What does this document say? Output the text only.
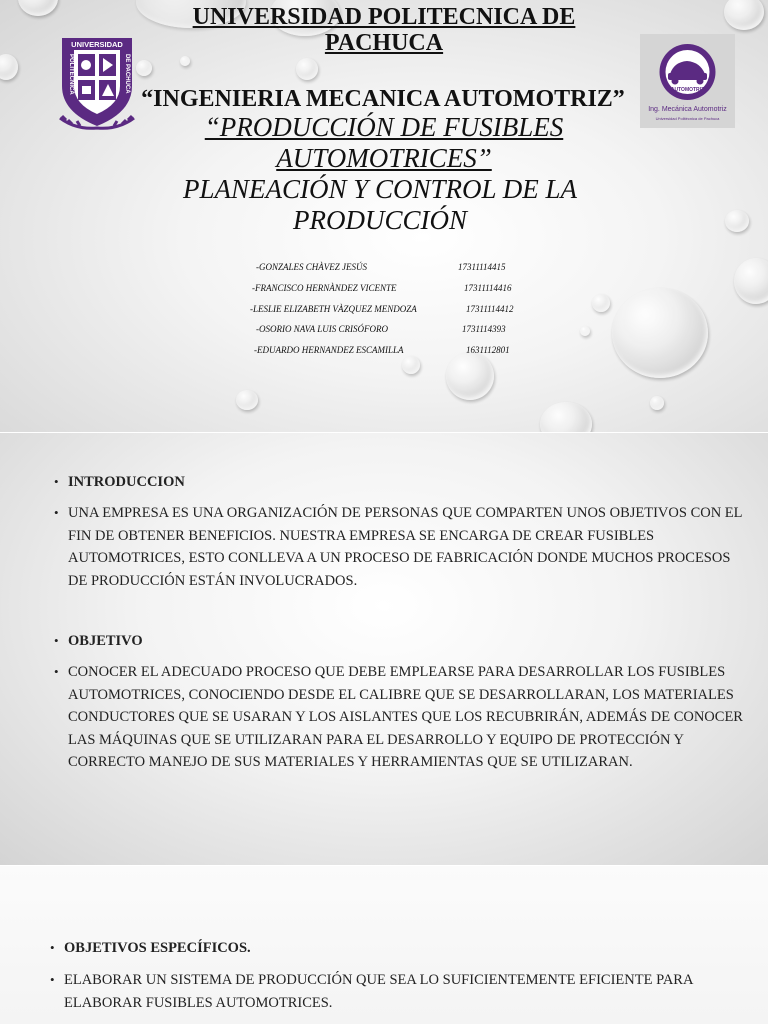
UNIVERSIDAD
POLITÉCNICA	DE PACHUCA	AUTOMOTRIZ
Ing. Mecánica Automotriz
Universidad Politécnica de Pachuca
UNIVERSIDAD POLITECNICA DE PACHUCA
“INGENIERIA MECANICA AUTOMOTRIZ”
“PRODUCCIÓN DE FUSIBLES AUTOMOTRICES”
PLANEACIÓN Y CONTROL DE LA PRODUCCIÓN
-GONZALES CHÀVEZ JESÚS	17311114415
-FRANCISCO HERNÀNDEZ VICENTE	17311114416
-LESLIE ELIZABETH VÀZQUEZ MENDOZA	17311114412
-OSORIO NAVA LUIS CRISÓFORO	1731114393
-EDUARDO HERNANDEZ ESCAMILLA	1631112801
• INTRODUCCION
• UNA EMPRESA ES UNA ORGANIZACIÓN DE PERSONAS QUE COMPARTEN UNOS OBJETIVOS CON EL FIN DE OBTENER BENEFICIOS. NUESTRA EMPRESA SE ENCARGA DE CREAR FUSIBLES AUTOMOTRICES, ESTO CONLLEVA A UN PROCESO DE FABRICACIÓN DONDE MUCHOS PROCESOS DE PRODUCCIÓN ESTÁN INVOLUCRADOS.
• OBJETIVO
• CONOCER EL ADECUADO PROCESO QUE DEBE EMPLEARSE PARA DESARROLLAR LOS FUSIBLES AUTOMOTRICES, CONOCIENDO DESDE EL CALIBRE QUE SE DESARROLLARAN, LOS MATERIALES CONDUCTORES QUE SE USARAN Y LOS AISLANTES QUE LOS RECUBRIRÁN, ADEMÁS DE CONOCER LAS MÁQUINAS QUE SE UTILIZARAN PARA EL DESARROLLO Y EQUIPO DE PROTECCIÓN Y CORRECTO MANEJO DE SUS MATERIALES Y HERRAMIENTAS QUE SE UTILIZARAN.
• OBJETIVOS ESPECÍFICOS.
• ELABORAR UN SISTEMA DE PRODUCCIÓN QUE SEA LO SUFICIENTEMENTE EFICIENTE PARA ELABORAR FUSIBLES AUTOMOTRICES.
